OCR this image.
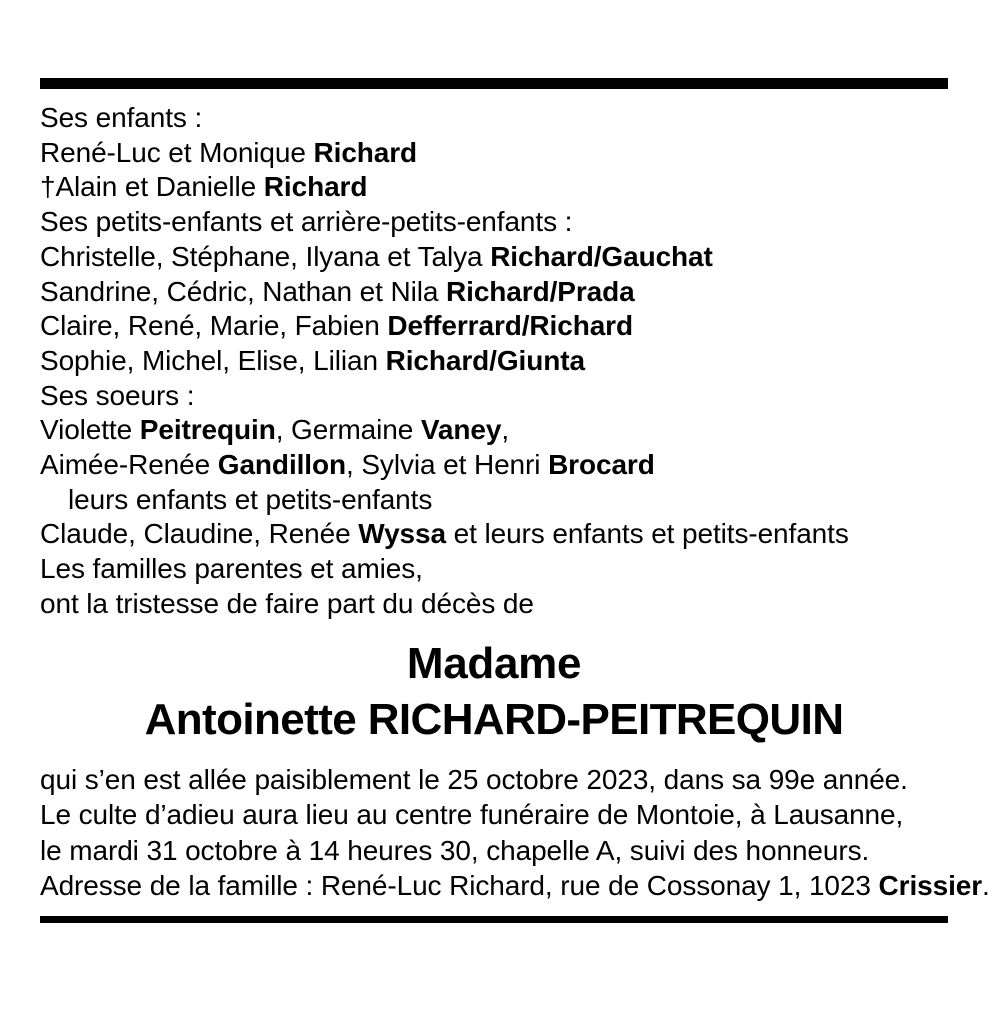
Ses enfants :
René-Luc et Monique Richard
†Alain et Danielle Richard
Ses petits-enfants et arrière-petits-enfants :
Christelle, Stéphane, Ilyana et Talya Richard/Gauchat
Sandrine, Cédric, Nathan et Nila Richard/Prada
Claire, René, Marie, Fabien Defferrard/Richard
Sophie, Michel, Elise, Lilian Richard/Giunta
Ses soeurs :
Violette Peitrequin, Germaine Vaney,
Aimée-Renée Gandillon, Sylvia et Henri Brocard
leurs enfants et petits-enfants
Claude, Claudine, Renée Wyssa et leurs enfants et petits-enfants
Les familles parentes et amies,
ont la tristesse de faire part du décès de
Madame
Antoinette RICHARD-PEITREQUIN
qui s’en est allée paisiblement le 25 octobre 2023, dans sa 99e année.
Le culte d’adieu aura lieu au centre funéraire de Montoie, à Lausanne,
le mardi 31 octobre à 14 heures 30, chapelle A, suivi des honneurs.
Adresse de la famille : René-Luc Richard, rue de Cossonay 1, 1023 Crissier.
